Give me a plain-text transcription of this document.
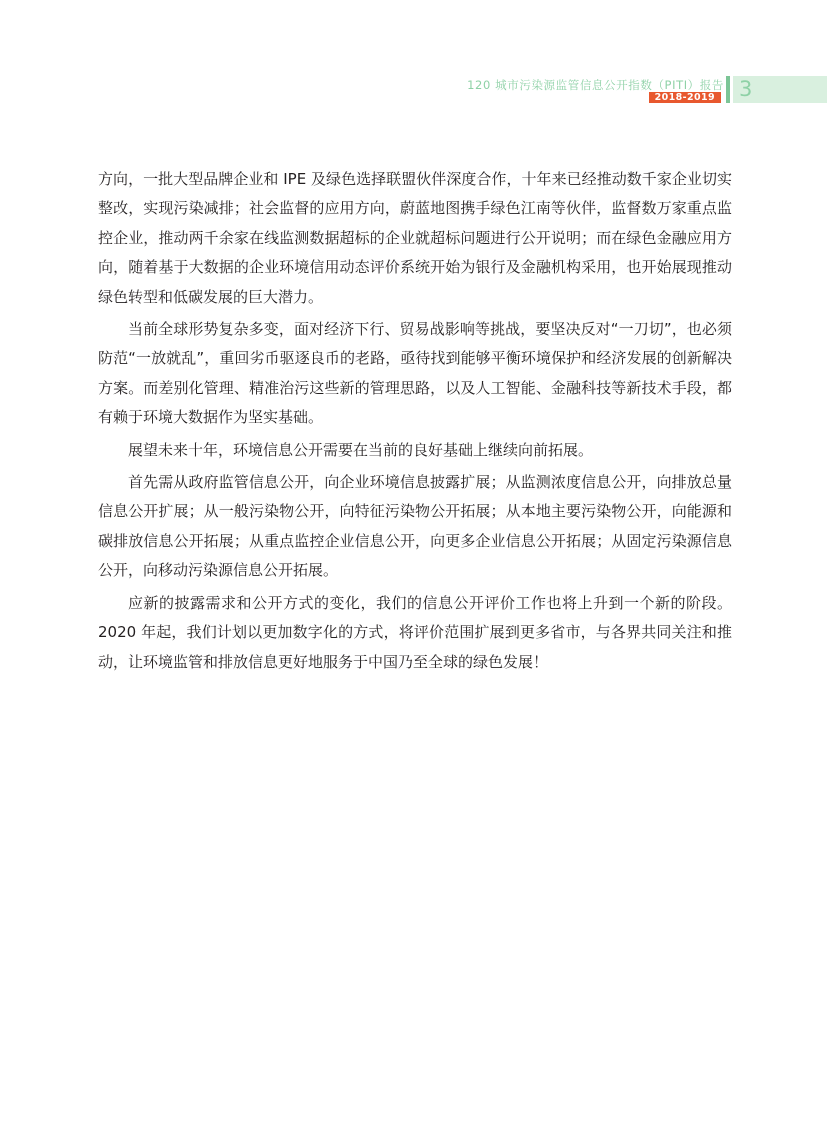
120 城市污染源监管信息公开指数（PITI）报告
2018-2019 3

方向，一批大型品牌企业和 IPE 及绿色选择联盟伙伴深度合作，十年来已经推动数千家企业切实整改，实现污染减排；社会监督的应用方向，蔚蓝地图携手绿色江南等伙伴，监督数万家重点监控企业，推动两千余家在线监测数据超标的企业就超标问题进行公开说明；而在绿色金融应用方向，随着基于大数据的企业环境信用动态评价系统开始为银行及金融机构采用，也开始展现推动绿色转型和低碳发展的巨大潜力。

当前全球形势复杂多变，面对经济下行、贸易战影响等挑战，要坚决反对“一刀切”，也必须防范“一放就乱”，重回劣币驱逐良币的老路，亟待找到能够平衡环境保护和经济发展的创新解决方案。而差别化管理、精准治污这些新的管理思路，以及人工智能、金融科技等新技术手段，都有赖于环境大数据作为坚实基础。

展望未来十年，环境信息公开需要在当前的良好基础上继续向前拓展。

首先需从政府监管信息公开，向企业环境信息披露扩展；从监测浓度信息公开，向排放总量信息公开扩展；从一般污染物公开，向特征污染物公开拓展；从本地主要污染物公开，向能源和碳排放信息公开拓展；从重点监控企业信息公开，向更多企业信息公开拓展；从固定污染源信息公开，向移动污染源信息公开拓展。

应新的披露需求和公开方式的变化，我们的信息公开评价工作也将上升到一个新的阶段。2020 年起，我们计划以更加数字化的方式，将评价范围扩展到更多省市，与各界共同关注和推动，让环境监管和排放信息更好地服务于中国乃至全球的绿色发展！
